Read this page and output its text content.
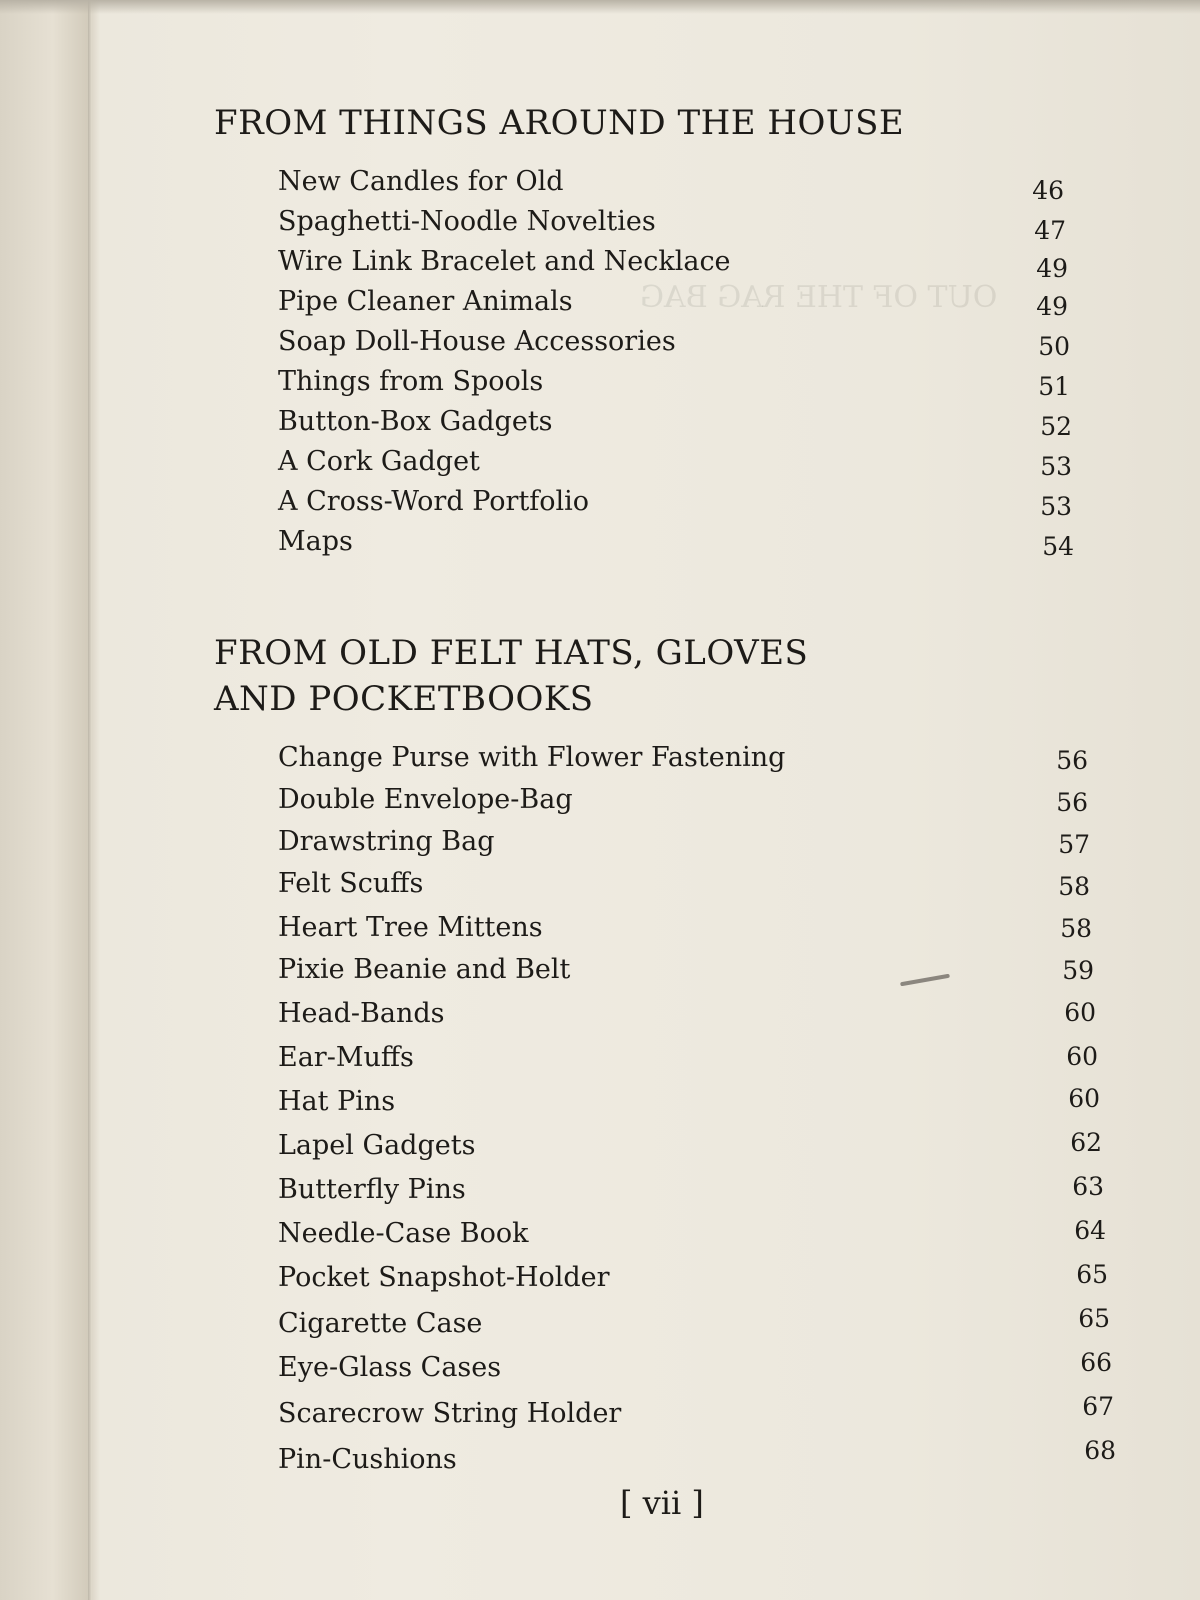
OUT OF THE RAG BAG
FROM THINGS AROUND THE HOUSE
New Candles for Old	46
Spaghetti-Noodle Novelties	47
Wire Link Bracelet and Necklace	49
Pipe Cleaner Animals	49
Soap Doll-House Accessories	50
Things from Spools	51
Button-Box Gadgets	52
A Cork Gadget	53
A Cross-Word Portfolio	53
Maps	54
FROM OLD FELT HATS, GLOVES
AND POCKETBOOKS
Change Purse with Flower Fastening	56
Double Envelope-Bag	56
Drawstring Bag	57
Felt Scuffs	58
Heart Tree Mittens	58
Pixie Beanie and Belt	59
Head-Bands	60
Ear-Muffs	60
Hat Pins	60
Lapel Gadgets	62
Butterfly Pins	63
Needle-Case Book	64
Pocket Snapshot-Holder	65
Cigarette Case	65
Eye-Glass Cases	66
Scarecrow String Holder	67
Pin-Cushions	68
[ vii ]
